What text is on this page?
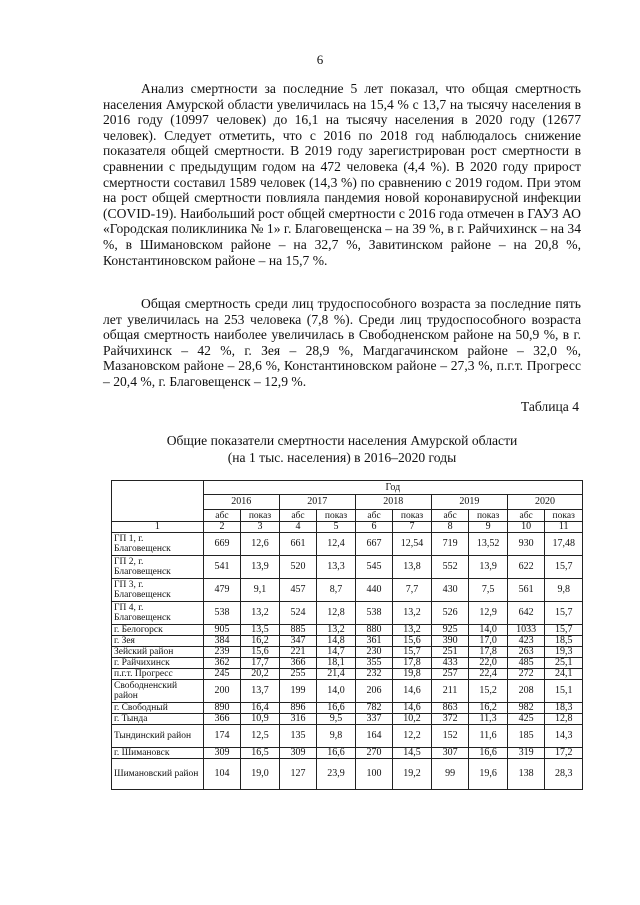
6

Анализ смертности за последние 5 лет показал, что общая смертность населения Амурской области увеличилась на 15,4 % с 13,7 на тысячу населения в 2016 году (10997 человек) до 16,1 на тысячу населения в 2020 году (12677 человек). Следует отметить, что с 2016 по 2018 год наблюдалось снижение показателя общей смертности. В 2019 году зарегистрирован рост смертности в сравнении с предыдущим годом на 472 человека (4,4 %). В 2020 году прирост смертности составил 1589 человек (14,3 %) по сравнению с 2019 годом. При этом на рост общей смертности повлияла пандемия новой коронавирусной инфекции (COVID-19). Наибольший рост общей смертности с 2016 года отмечен в ГАУЗ АО «Городская поликлиника № 1» г. Благовещенска – на 39 %, в г. Райчихинск – на 34 %, в Шимановском районе – на 32,7 %, Завитинском районе – на 20,8 %, Константиновском районе – на 15,7 %.

Общая смертность среди лиц трудоспособного возраста за последние пять лет увеличилась на 253 человека (7,8 %). Среди лиц трудоспособного возраста общая смертность наиболее увеличилась в Свободненском районе на 50,9 %, в г. Райчихинск – 42 %, г. Зея – 28,9 %, Магдагачинском районе – 32,0 %, Мазановском районе – 28,6 %, Константиновском районе – 27,3 %, п.г.т. Прогресс – 20,4 %, г. Благовещенск – 12,9 %.

Таблица 4
Общие показатели смертности населения Амурской области
(на 1 тыс. населения) в 2016–2020 годы
	Год									
	2016		2017		2018		2019		2020	
	абс	показ	абс	показ	абс	показ	абс	показ	абс	показ
1	2	3	4	5	6	7	8	9	10	11
ГП 1, г. Благовещенск	669	12,6	661	12,4	667	12,54	719	13,52	930	17,48
ГП 2, г. Благовещенск	541	13,9	520	13,3	545	13,8	552	13,9	622	15,7
ГП 3, г. Благовещенск	479	9,1	457	8,7	440	7,7	430	7,5	561	9,8
ГП 4, г. Благовещенск	538	13,2	524	12,8	538	13,2	526	12,9	642	15,7
г. Белогорск	905	13,5	885	13,2	880	13,2	925	14,0	1033	15,7
г. Зея	384	16,2	347	14,8	361	15,6	390	17,0	423	18,5
Зейский район	239	15,6	221	14,7	230	15,7	251	17,8	263	19,3
г. Райчихинск	362	17,7	366	18,1	355	17,8	433	22,0	485	25,1
п.г.т. Прогресс	245	20,2	255	21,4	232	19,8	257	22,4	272	24,1
Свободненский район	200	13,7	199	14,0	206	14,6	211	15,2	208	15,1
г. Свободный	890	16,4	896	16,6	782	14,6	863	16,2	982	18,3
г. Тында	366	10,9	316	9,5	337	10,2	372	11,3	425	12,8
Тындинский район	174	12,5	135	9,8	164	12,2	152	11,6	185	14,3
г. Шимановск	309	16,5	309	16,6	270	14,5	307	16,6	319	17,2
Шимановский район	104	19,0	127	23,9	100	19,2	99	19,6	138	28,3
